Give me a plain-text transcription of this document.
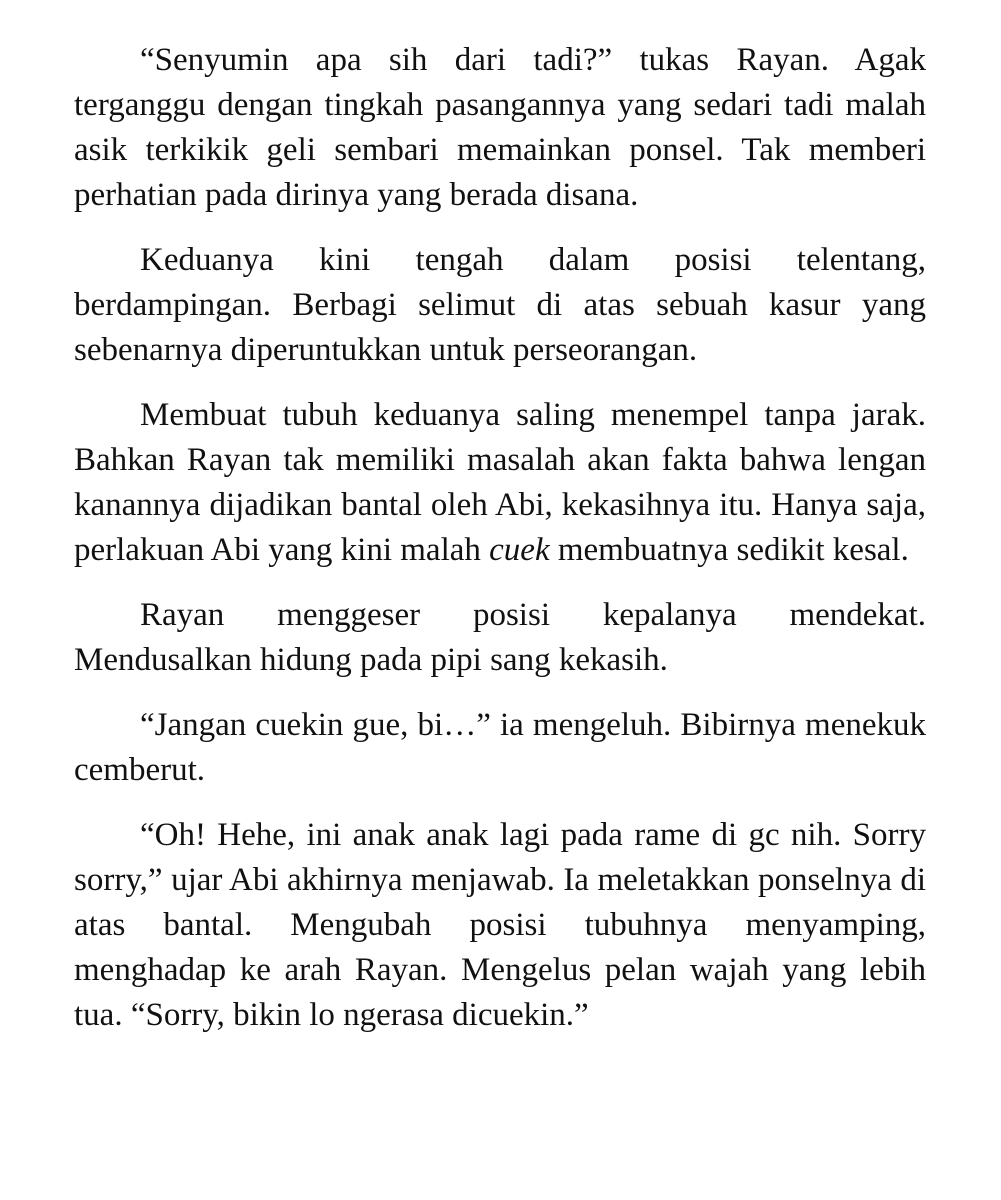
“Senyumin apa sih dari tadi?” tukas Rayan. Agak terganggu dengan tingkah pasangannya yang sedari tadi malah asik terkikik geli sembari memainkan ponsel. Tak memberi perhatian pada dirinya yang berada disana.

Keduanya kini tengah dalam posisi telentang, berdampingan. Berbagi selimut di atas sebuah kasur yang sebenarnya diperuntukkan untuk perseorangan.

Membuat tubuh keduanya saling menempel tanpa jarak. Bahkan Rayan tak memiliki masalah akan fakta bahwa lengan kanannya dijadikan bantal oleh Abi, kekasihnya itu. Hanya saja, perlakuan Abi yang kini malah cuek membuatnya sedikit kesal.

Rayan menggeser posisi kepalanya mendekat. Mendusalkan hidung pada pipi sang kekasih.

“Jangan cuekin gue, bi…” ia mengeluh. Bibirnya menekuk cemberut.

“Oh! Hehe, ini anak anak lagi pada rame di gc nih. Sorry sorry,” ujar Abi akhirnya menjawab. Ia meletakkan ponselnya di atas bantal. Mengubah posisi tubuhnya menyamping, menghadap ke arah Rayan. Mengelus pelan wajah yang lebih tua. “Sorry, bikin lo ngerasa dicuekin.”
